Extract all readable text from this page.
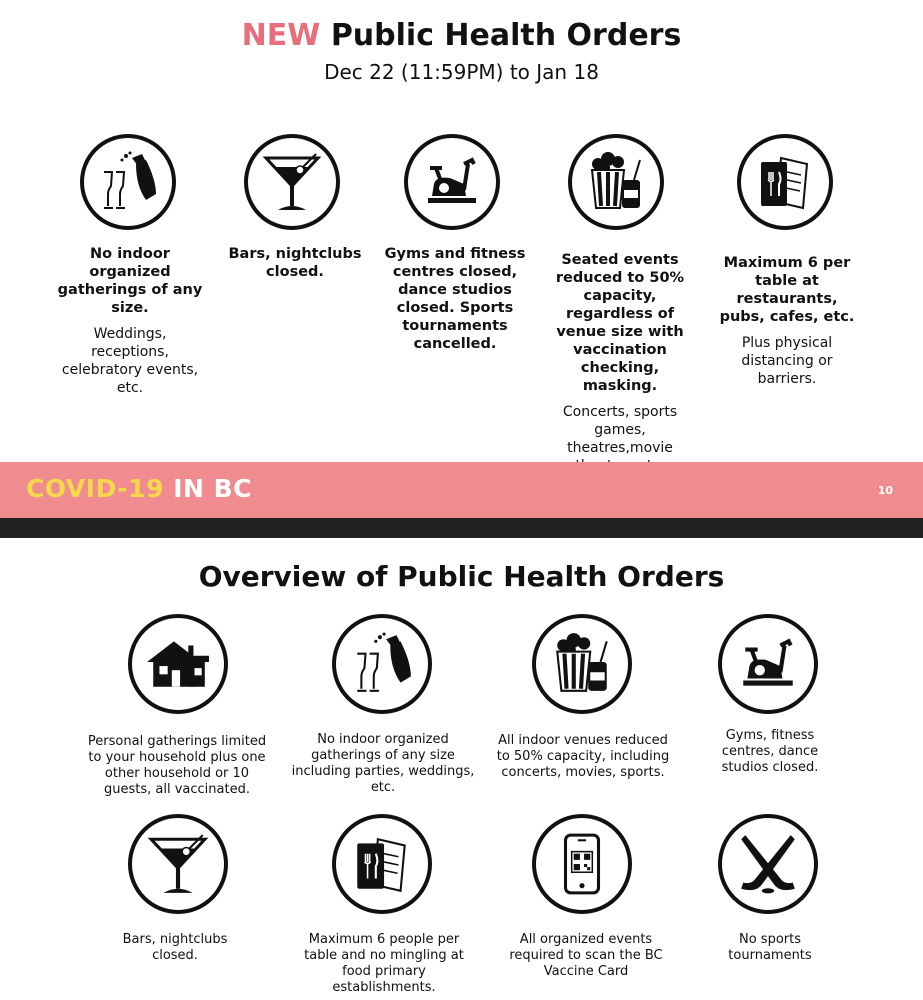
NEW Public Health Orders
Dec 22 (11:59PM) to Jan 18
No indoor organized gatherings of any size.
Weddings, receptions, celebratory events, etc.
Bars, nightclubs closed.
Gyms and fitness centres closed, dance studios closed. Sports tournaments cancelled.
Seated events reduced to 50% capacity, regardless of venue size with vaccination checking, masking.
Concerts, sports games, theatres,movie
Maximum 6 per table at restaurants, pubs, cafes, etc.
Plus physical distancing or barriers.
COVID-19 IN BC	10
Overview of Public Health Orders
Personal gatherings limited to your household plus one other household or 10 guests, all vaccinated.
No indoor organized gatherings of any size including parties, weddings, etc.
All indoor venues reduced to 50% capacity, including concerts, movies, sports.
Gyms, fitness centres, dance studios closed.
Bars, nightclubs closed.
Maximum 6 people per table and no mingling at food primary establishments.
All organized events required to scan the BC Vaccine Card
No sports tournaments
